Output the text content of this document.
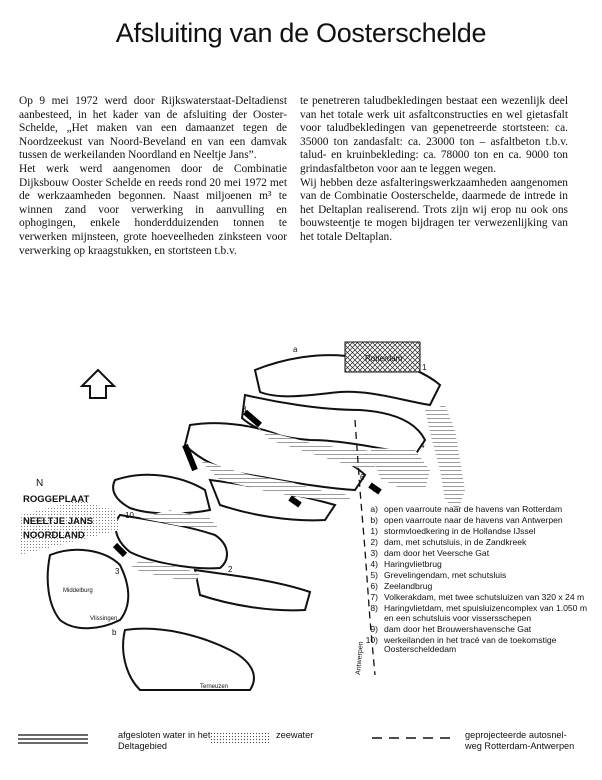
Afsluiting van de Oosterschelde

Op 9 mei 1972 werd door Rijkswaterstaat-Deltadienst aanbesteed, in het kader van de afsluiting der Ooster-Schelde, „Het maken van een damaanzet tegen de Noordzeekust van Noord-Beveland en van een damvak tussen de werkeilanden Noordland en Neeltje Jans”.

Het werk werd aangenomen door de Combinatie Dijksbouw Ooster Schelde en reeds rond 20 mei 1972 met de werkzaamheden begonnen. Naast miljoenen m³ te winnen zand voor verwerking in aanvulling en ophogingen, enkele honderdduizenden tonnen te verwerken mijnsteen, grote hoeveelheden zinksteen voor verwerking op kraagstukken, en stortsteen t.b.v.

te penetreren taludbekledingen bestaat een wezenlijk deel van het totale werk uit asfaltconstructies en wel gietasfalt voor taludbekledingen van gepenetreerde stortsteen: ca. 35000 ton zandasfalt: ca. 23000 ton – asfaltbeton t.b.v. talud- en kruinbekleding: ca. 78000 ton en ca. 9000 ton grindasfaltbeton voor aan te leggen wegen.

Wij hebben deze asfalteringswerkzaamheden aangenomen van de Combinatie Oosterschelde, daarmede de intrede in het Deltaplan realiserend. Trots zijn wij erop nu ook ons bouwsteentje te mogen bijdragen ter verwezenlijking van het totale Deltaplan.

Rotterdam
N
ROGGEPLAAT
NEELTJE JANS
NOORDLAND
Middelburg
Vlissingen
Terneuzen
Antwerpen
a
b
1
2
3
4
5
6
7
8
9
10
a) open vaarroute naar de havens van Rotterdam
b) open vaarroute naar de havens van Antwerpen
1) stormvloedkering in de Hollandse IJssel
2) dam, met schutsluis, in de Zandkreek
3) dam door het Veersche Gat
4) Haringvlietbrug
5) Grevelingendam, met schutsluis
6) Zeelandbrug
7) Volkerakdam, met twee schutsluizen van 320 x 24 m
8) Haringvlietdam, met spuisluizencomplex van 1.050 m en een schutsluis voor vissersschepen
9) dam door het Brouwershavensche Gat
10) werkeilanden in het tracé van de toekomstige Oosterscheldedam
afgesloten water in het
Deltagebied
zeewater	geprojecteerde autosnel-
weg Rotterdam-Antwerpen
